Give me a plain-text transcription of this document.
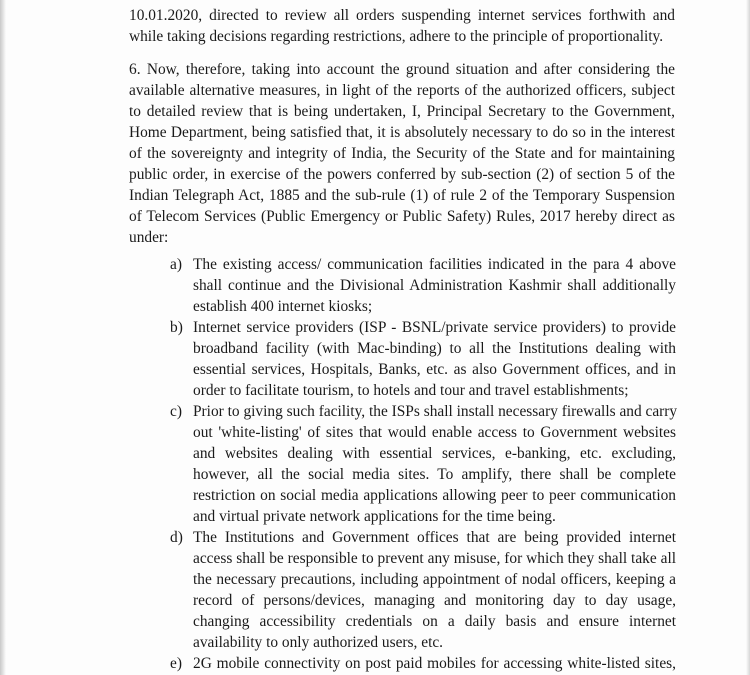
10.01.2020, directed to review all orders suspending internet services forthwith and
while taking decisions regarding restrictions, adhere to the principle of proportionality.
6. Now, therefore, taking into account the ground situation and after considering the
available alternative measures, in light of the reports of the authorized officers, subject
to detailed review that is being undertaken, I, Principal Secretary to the Government,
Home Department, being satisfied that, it is absolutely necessary to do so in the interest
of the sovereignty and integrity of India, the Security of the State and for maintaining
public order, in exercise of the powers conferred by sub-section (2) of section 5 of the
Indian Telegraph Act, 1885 and the sub-rule (1) of rule 2 of the Temporary Suspension
of Telecom Services (Public Emergency or Public Safety) Rules, 2017 hereby direct as
under:
a) The existing access/ communication facilities indicated in the para 4 above
shall continue and the Divisional Administration Kashmir shall additionally
establish 400 internet kiosks;
b) Internet service providers (ISP - BSNL/private service providers) to provide
broadband facility (with Mac-binding) to all the Institutions dealing with
essential services, Hospitals, Banks, etc. as also Government offices, and in
order to facilitate tourism, to hotels and tour and travel establishments;
c) Prior to giving such facility, the ISPs shall install necessary firewalls and carry
out 'white-listing' of sites that would enable access to Government websites
and websites dealing with essential services, e-banking, etc. excluding,
however, all the social media sites. To amplify, there shall be complete
restriction on social media applications allowing peer to peer communication
and virtual private network applications for the time being.
d) The Institutions and Government offices that are being provided internet
access shall be responsible to prevent any misuse, for which they shall take all
the necessary precautions, including appointment of nodal officers, keeping a
record of persons/devices, managing and monitoring day to day usage,
changing accessibility credentials on a daily basis and ensure internet
availability to only authorized users, etc.
e) 2G mobile connectivity on post paid mobiles for accessing white-listed sites,
